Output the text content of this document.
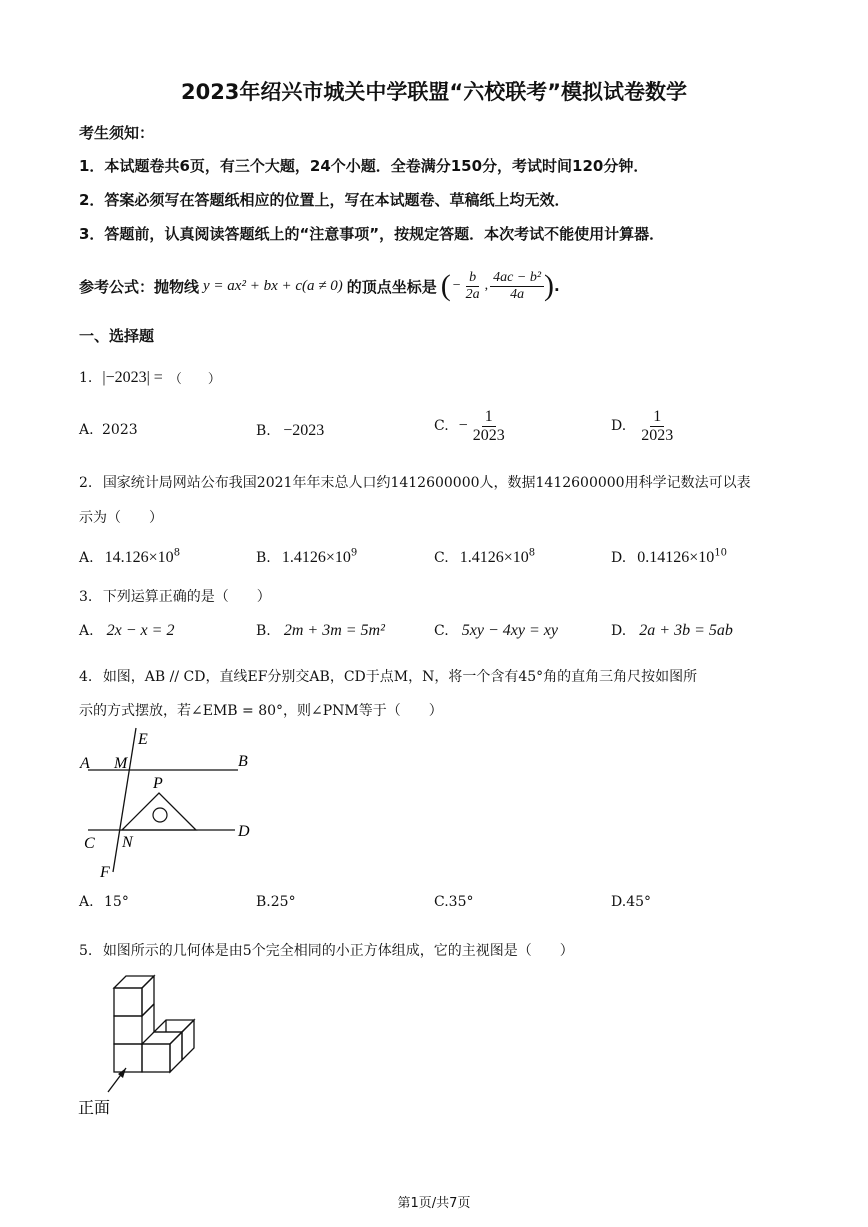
2023年绍兴市城关中学联盟“六校联考”模拟试卷数学
考生须知：
1．本试题卷共6页，有三个大题，24个小题．全卷满分150分，考试时间120分钟．
2．答案必须写在答题纸相应的位置上，写在本试题卷、草稿纸上均无效．
3．答题前，认真阅读答题纸上的“注意事项”，按规定答题．本次考试不能使用计算器．
参考公式：抛物线 y = ax² + bx + c(a ≠ 0) 的顶点坐标是 ( − $\frac{b}{2a}$ , $\frac{\text{4ac − b²}}{4a}$ ) .
一、选择题
1. |−2023| = （　　）
A. 2023	B. −2023	C. − $\frac{1}{2023}$	D. $\frac{1}{2023}$
2. 国家统计局网站公布我国2021年年末总人口约1412600000人，数据1412600000用科学记数法可以表
示为（　　）
A. $14.126\times 10^8$	B. $1.4126\times 10^9$	C. $1.4126\times 10^8$	D. $0.14126\times 10^{10}$
3. 下列运算正确的是（　　）
A. 2x − x = 2	B. 2m + 3m = 5m²	C. 5xy − 4xy = xy	D. 2a + 3b = 5ab
4. 如图，AB // CD，直线EF分别交AB，CD于点M，N，将一个含有45°角的直角三角尺按如图所
示的方式摆放，若∠EMB = 80°，则∠PNM等于（　　）
A M
E
B
P
C N
D
F
A. 15°	B.25°	C.35°	D.45°
5. 如图所示的几何体是由5个完全相同的小正方体组成，它的主视图是（　　）
正面
第1页/共7页
